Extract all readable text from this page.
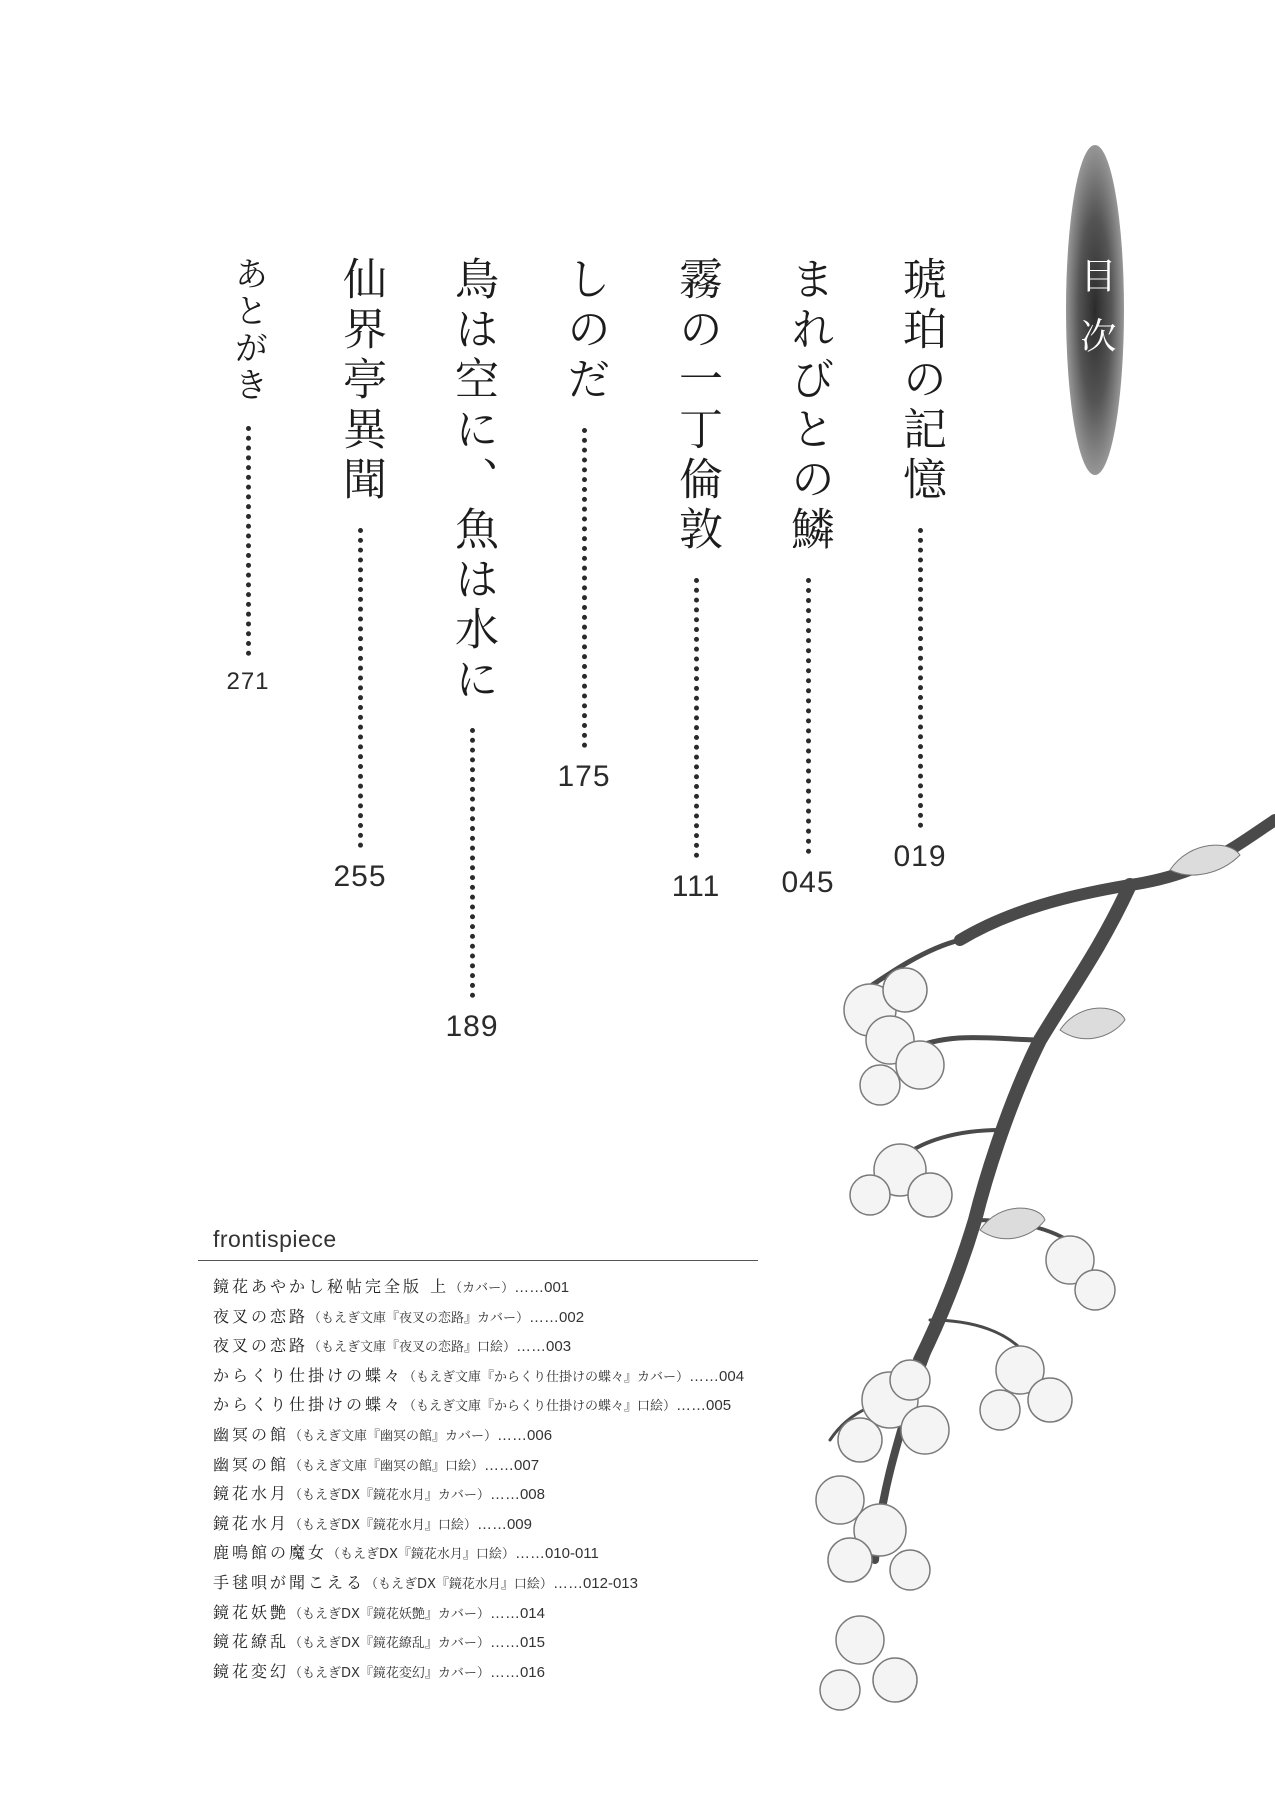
目
次
琥珀の記憶
019
まれびとの鱗
045
霧の一丁倫敦
111
しのだ
175
鳥は空に、魚は水に
189
仙界亭異聞
255
あとがき
271
frontispiece
鏡花あやかし秘帖完全版 上（カバー）……001
夜叉の恋路（もえぎ文庫『夜叉の恋路』カバー）……002
夜叉の恋路（もえぎ文庫『夜叉の恋路』口絵）……003
からくり仕掛けの蝶々（もえぎ文庫『からくり仕掛けの蝶々』カバー）……004
からくり仕掛けの蝶々（もえぎ文庫『からくり仕掛けの蝶々』口絵）……005
幽冥の館（もえぎ文庫『幽冥の館』カバー）……006
幽冥の館（もえぎ文庫『幽冥の館』口絵）……007
鏡花水月（もえぎDX『鏡花水月』カバー）……008
鏡花水月（もえぎDX『鏡花水月』口絵）……009
鹿鳴館の魔女（もえぎDX『鏡花水月』口絵）……010-011
手毬唄が聞こえる（もえぎDX『鏡花水月』口絵）……012-013
鏡花妖艶（もえぎDX『鏡花妖艶』カバー）……014
鏡花繚乱（もえぎDX『鏡花繚乱』カバー）……015
鏡花変幻（もえぎDX『鏡花変幻』カバー）……016
